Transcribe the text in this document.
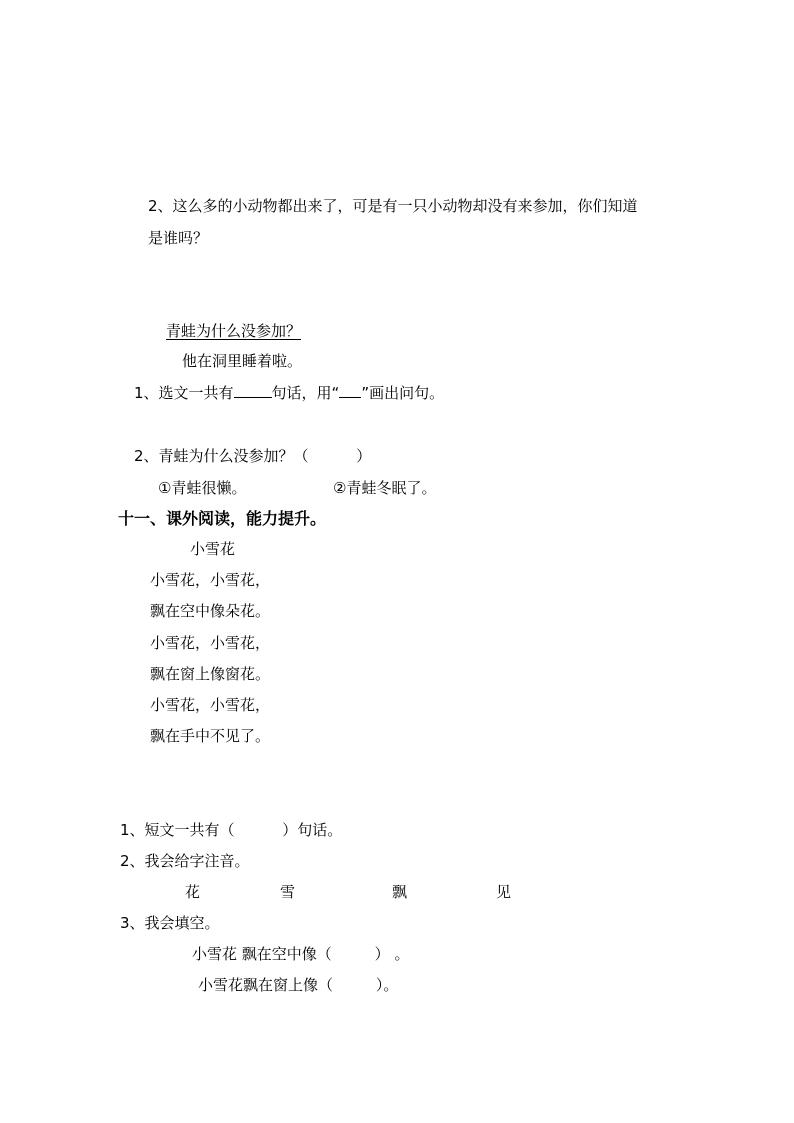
2、这么多的小动物都出来了，可是有一只小动物却没有来参加，你们知道
是谁吗？
青蛙为什么没参加？
他在洞里睡着啦。
1、选文一共有	句话，用“ ”画出问句。
2、青蛙为什么没参加？（          ）
①青蛙很懒。	②青蛙冬眠了。
十一、课外阅读，能力提升。
小雪花
小雪花，小雪花，
飘在空中像朵花。
小雪花，小雪花，
飘在窗上像窗花。
小雪花，小雪花，
飘在手中不见了。
1、短文一共有（          ）句话。
2、我会给字注音。
花	雪	飘	见
3、我会填空。
小雪花 飘在空中像（         ） 。
小雪花飘在窗上像（         ）。
